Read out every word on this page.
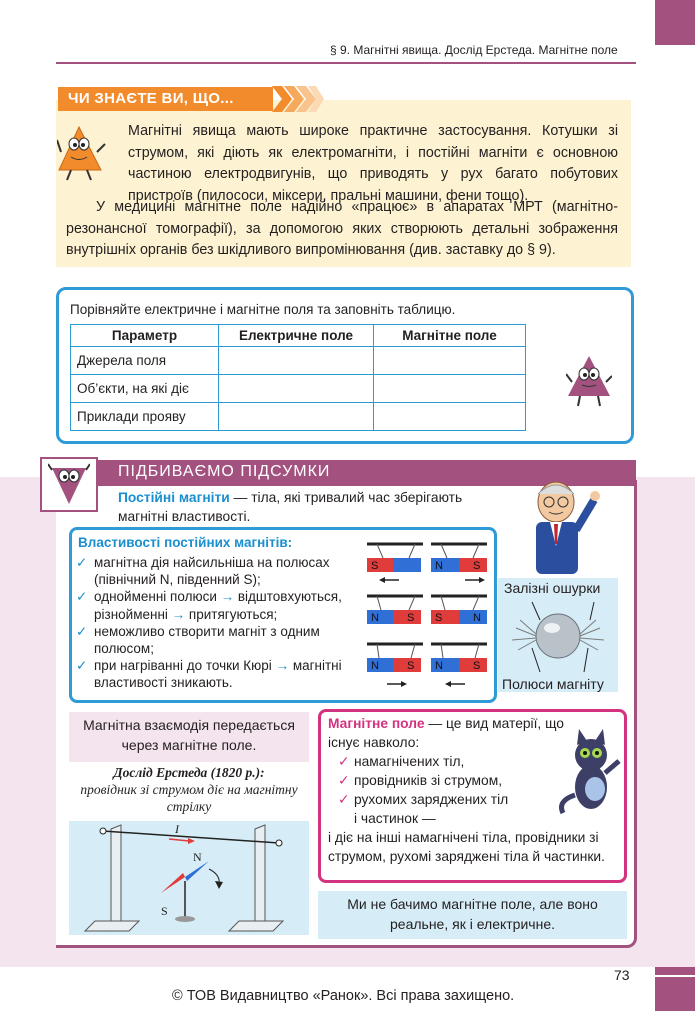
§ 9. Магнітні явища. Дослід Ерстеда. Магнітне поле
ЧИ ЗНАЄТЕ ВИ, ЩО...
Магнітні явища мають широке практичне застосування. Котушки зі струмом, які діють як електромагніти, і постійні магніти є основною частиною електродвигунів, що приводять у рух багато побутових пристроїв (пилососи, міксери, пральні машини, фени тощо).
У медицині магнітне поле надійно «працює» в апаратах МРТ (магнітно-резонансної томографії), за допомогою яких створюють детальні зображення внутрішніх органів без шкідливого випромінювання (див. заставку до § 9).
Порівняйте електричне і магнітне поля та заповніть таблицю.
Параметр	Електричне поле	Магнітне поле
Джерела поля		
Об’єкти, на які діє		
Приклади прояву		
ПІДБИВАЄМО ПІДСУМКИ
Постійні магніти — тіла, які тривалий час зберігають магнітні властивості.
Властивості постійних магнітів:
✓ магнітна дія найсильніша на полюсах (північний N, південний S);
✓ однойменні полюси → відштовхуються, різнойменні → притягуються;
✓ неможливо створити магніт з одним полюсом;
✓ при нагріванні до точки Кюрі → магнітні властивості зникають.
S	N	S
N	S S	N
N	S N	S
Залізні ошурки
Полюси магніту
Магнітна взаємодія передається через магнітне поле.
Дослід Ерстеда (1820 р.):
провідник зі струмом діє на магнітну стрілку
I
N
S
Магнітне поле — це вид матерії, що існує навколо:
✓ намагнічених тіл,
✓ провідників зі струмом,
✓ рухомих заряджених тіл
і частинок —
і діє на інші намагнічені тіла, провідники зі струмом, рухомі заряджені тіла й частинки.
Ми не бачимо магнітне поле, але воно реальне, як і електричне.
73
© ТОВ Видавництво «Ранок». Всі права захищено.
